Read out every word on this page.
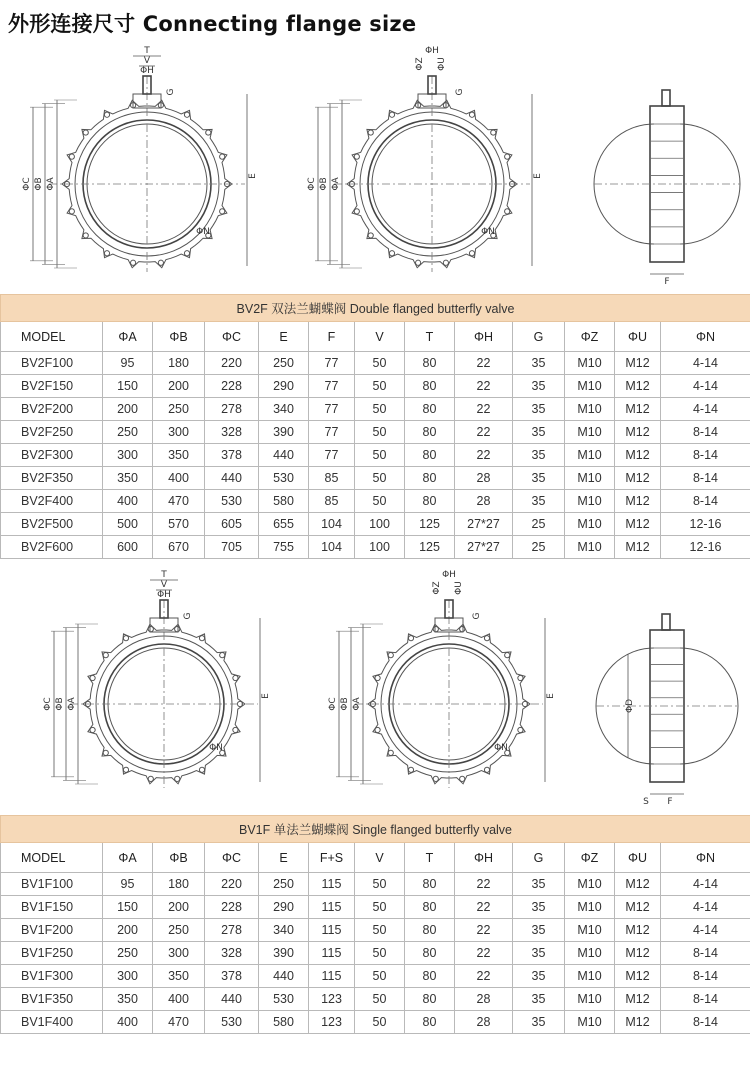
外形连接尺寸 Connecting flange size
ΦA
ΦB
ΦC
E
T
V
ΦH
G
ΦN
ΦA
ΦB
ΦC
E
ΦH
ΦZ ΦU
G
ΦN
F
BV2F 双法兰蝴蝶阀 Double flanged butterfly valve												
MODEL	ΦA	ΦB	ΦC	E	F	V	T	ΦH	G	ΦZ	ΦU	ΦN
BV2F100	95	180	220	250	77	50	80	22	35	M10	M12	4-14
BV2F150	150	200	228	290	77	50	80	22	35	M10	M12	4-14
BV2F200	200	250	278	340	77	50	80	22	35	M10	M12	4-14
BV2F250	250	300	328	390	77	50	80	22	35	M10	M12	8-14
BV2F300	300	350	378	440	77	50	80	22	35	M10	M12	8-14
BV2F350	350	400	440	530	85	50	80	28	35	M10	M12	8-14
BV2F400	400	470	530	580	85	50	80	28	35	M10	M12	8-14
BV2F500	500	570	605	655	104	100	125	27*27	25	M10	M12	12-16
BV2F600	600	670	705	755	104	100	125	27*27	25	M10	M12	12-16
ΦA
ΦB
ΦC
E
T
V
ΦH
G
ΦN
ΦA
ΦB
ΦC
E
ΦH
ΦZ ΦU
G
ΦN
ΦD
S F
BV1F 单法兰蝴蝶阀 Single flanged butterfly valve												
MODEL	ΦA	ΦB	ΦC	E	F+S	V	T	ΦH	G	ΦZ	ΦU	ΦN
BV1F100	95	180	220	250	115	50	80	22	35	M10	M12	4-14
BV1F150	150	200	228	290	115	50	80	22	35	M10	M12	4-14
BV1F200	200	250	278	340	115	50	80	22	35	M10	M12	4-14
BV1F250	250	300	328	390	115	50	80	22	35	M10	M12	8-14
BV1F300	300	350	378	440	115	50	80	22	35	M10	M12	8-14
BV1F350	350	400	440	530	123	50	80	28	35	M10	M12	8-14
BV1F400	400	470	530	580	123	50	80	28	35	M10	M12	8-14
